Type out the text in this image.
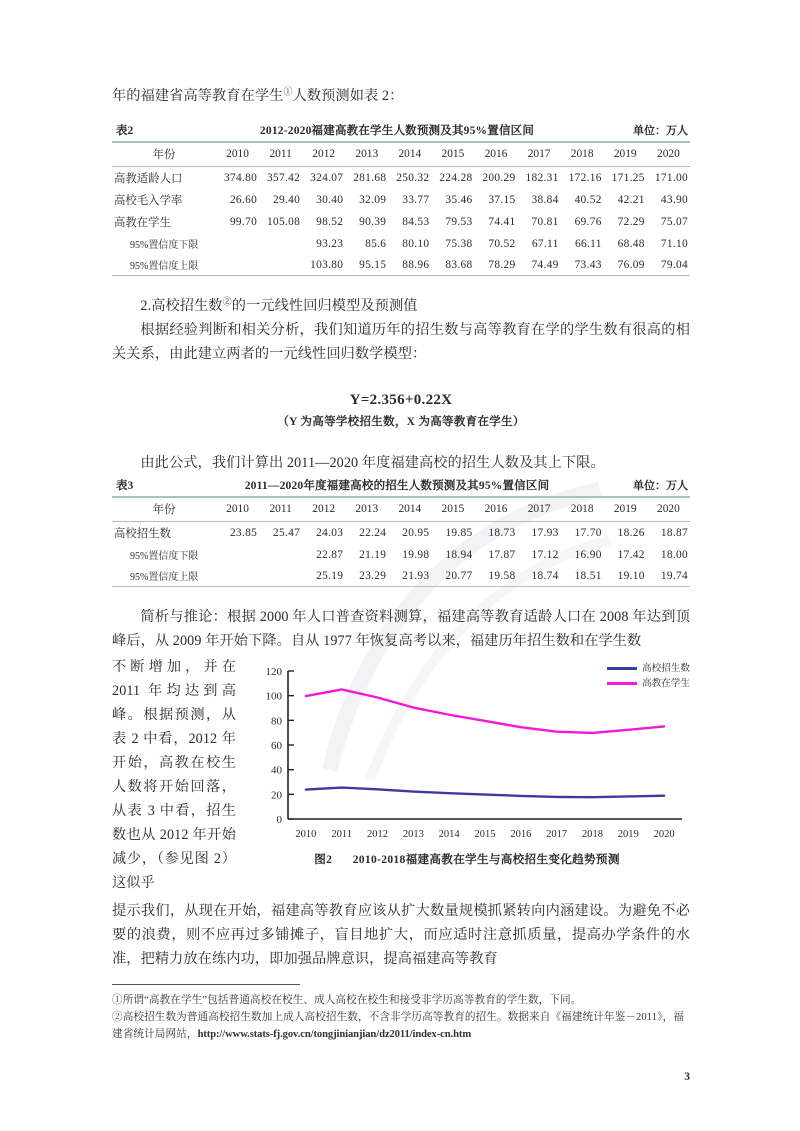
年的福建省高等教育在学生①人数预测如表 2：

表2	2012-2020福建高教在学生人数预测及其95%置信区间	单位：万人
年份	2010	2011	2012	2013	2014	2015	2016	2017	2018	2019	2020
高教适龄人口	374.80	357.42	324.07	281.68	250.32	224.28	200.29	182.31	172.16	171.25	171.00
高校毛入学率	26.60	29.40	30.40	32.09	33.77	35.46	37.15	38.84	40.52	42.21	43.90
高教在学生	99.70	105.08	98.52	90.39	84.53	79.53	74.41	70.81	69.76	72.29	75.07
95%置信度下限			93.23	85.6	80.10	75.38	70.52	67.11	66.11	68.48	71.10
95%置信度上限			103.80	95.15	88.96	83.68	78.29	74.49	73.43	76.09	79.04

2.高校招生数②的一元线性回归模型及预测值

根据经验判断和相关分析，我们知道历年的招生数与高等教育在学的学生数有很高的相关关系，由此建立两者的一元线性回归数学模型：

Y=2.356+0.22X
（Y 为高等学校招生数，X 为高等教育在学生）

由此公式，我们计算出 2011—2020 年度福建高校的招生人数及其上下限。

表3	2011—2020年度福建高校的招生人数预测及其95%置信区间	单位：万人
年份	2010	2011	2012	2013	2014	2015	2016	2017	2018	2019	2020
高校招生数	23.85	25.47	24.03	22.24	20.95	19.85	18.73	17.93	17.70	18.26	18.87
95%置信度下限			22.87	21.19	19.98	18.94	17.87	17.12	16.90	17.42	18.00
95%置信度上限			25.19	23.29	21.93	20.77	19.58	18.74	18.51	19.10	19.74

简析与推论：根据 2000 年人口普查资料测算，福建高等教育适龄人口在 2008 年达到顶峰后，从 2009 年开始下降。自从 1977 年恢复高考以来，福建历年招生数和在学生数

不断增加，并在 2011 年均达到高峰。根据预测，从表 2 中看，2012 年开始，高教在校生人数将开始回落，从表 3 中看，招生数也从 2012 年开始减少，（参见图 2）这似乎
0
20
40
60
80
100
120
2010 2011 2012 2013 2014 2015 2016 2017 2018 2019 2020
高校招生数
高教在学生
图2 2010-2018福建高教在学生与高校招生变化趋势预测

提示我们，从现在开始，福建高等教育应该从扩大数量规模抓紧转向内涵建设。为避免不必要的浪费，则不应再过多铺摊子，盲目地扩大，而应适时注意抓质量，提高办学条件的水准，把精力放在练内功，即加强品牌意识，提高福建高等教育

①所谓“高教在学生”包括普通高校在校生、成人高校在校生和接受非学历高等教育的学生数，下同。

②高校招生数为普通高校招生数加上成人高校招生数，不含非学历高等教育的招生。数据来自《福建统计年鉴－2011》，福建省统计局网站，http://www.stats-fj.gov.cn/tongjinianjian/dz2011/index-cn.htm

3
